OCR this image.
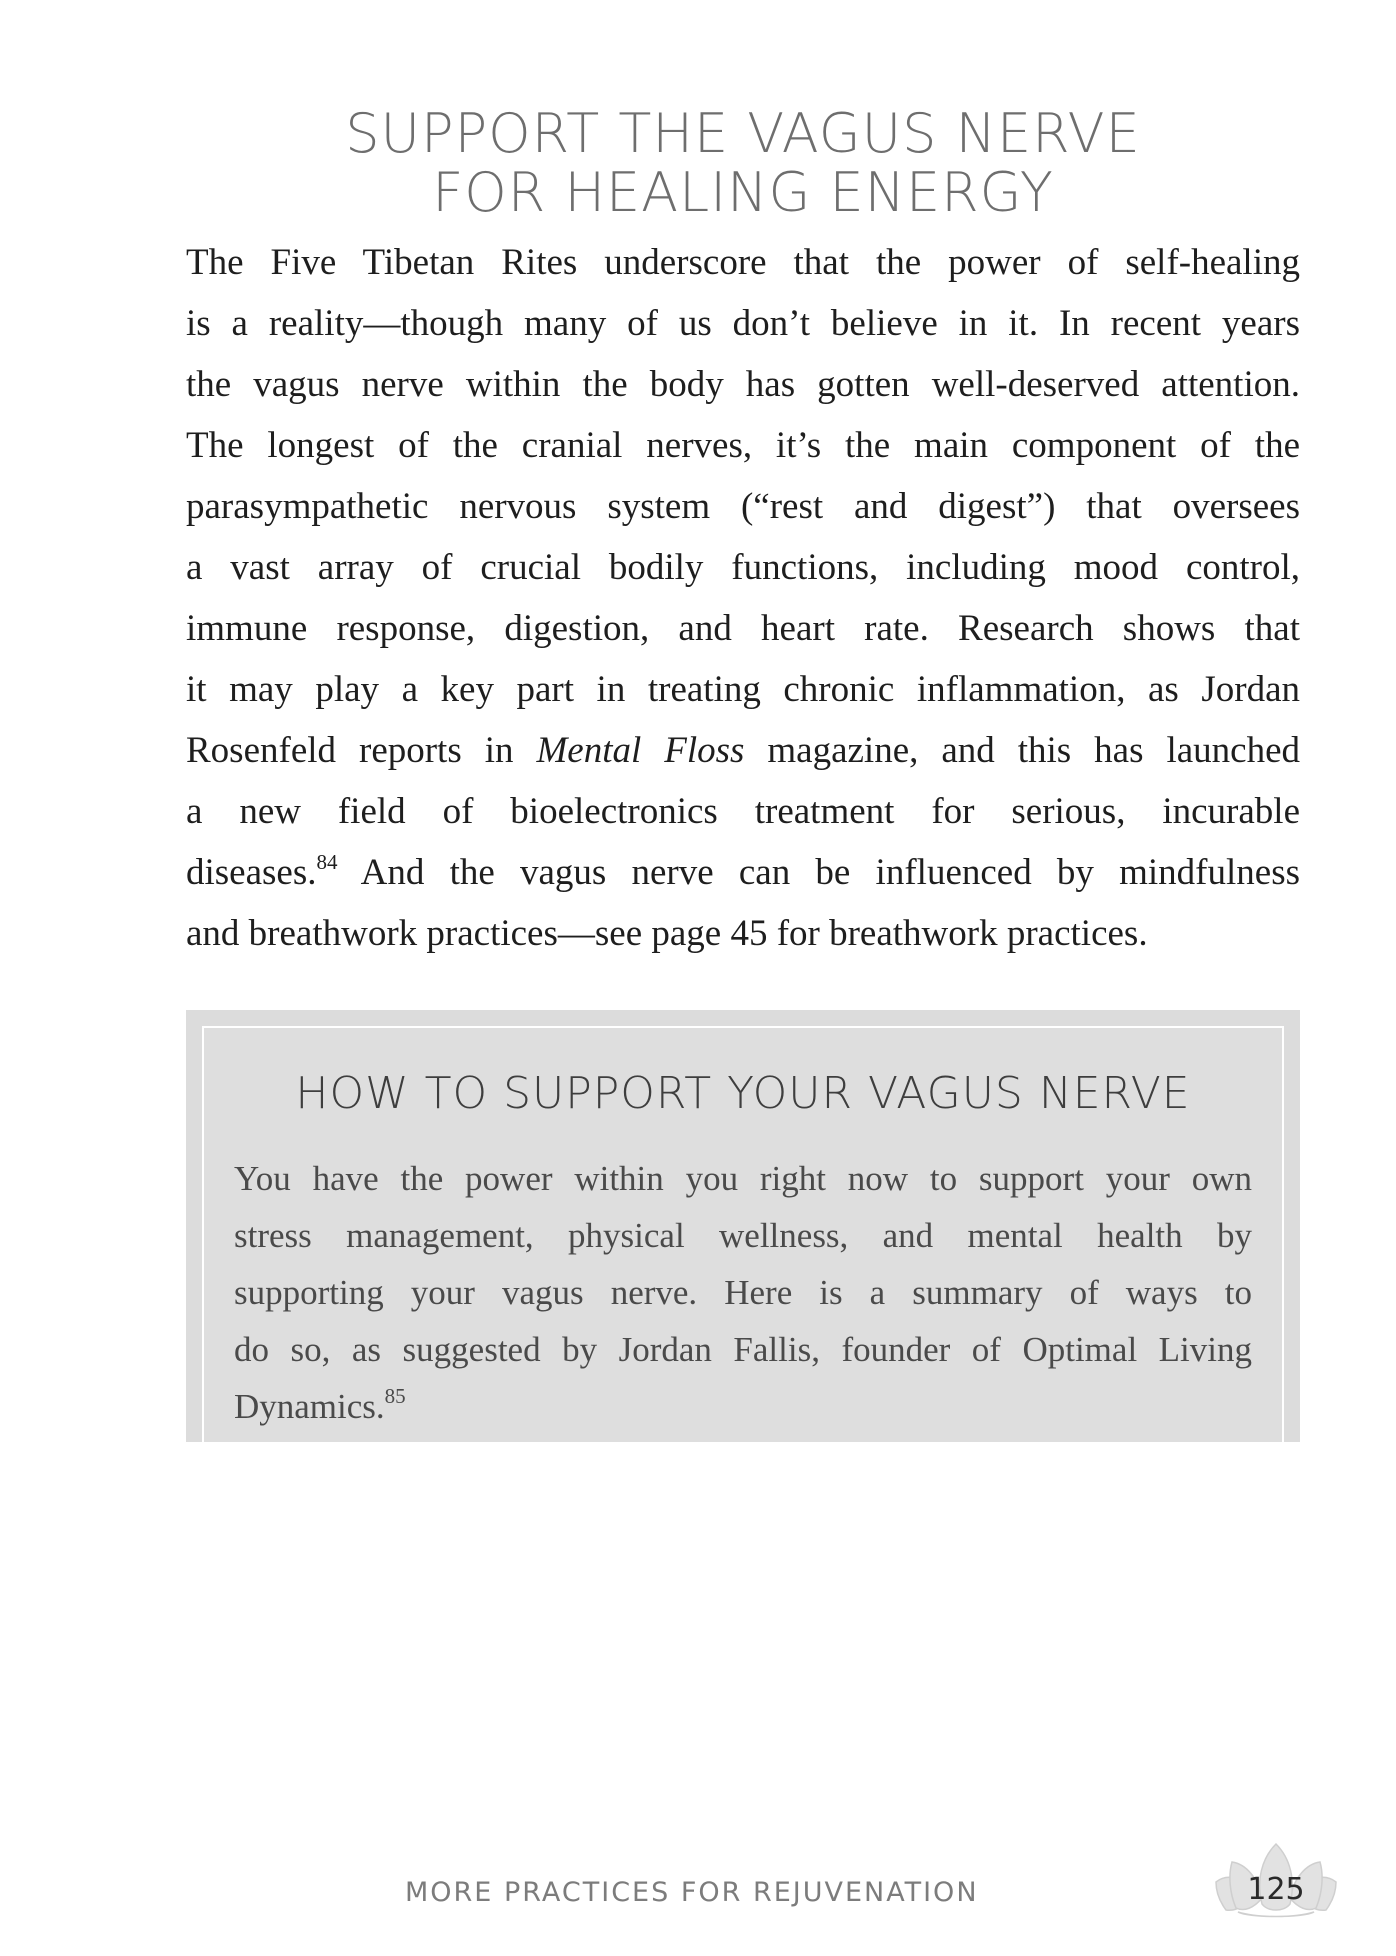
SUPPORT THE VAGUS NERVE
FOR HEALING ENERGY
The Five Tibetan Rites underscore that the power of self-healing
is a reality—though many of us don’t believe in it. In recent years
the vagus nerve within the body has gotten well-deserved attention.
The longest of the cranial nerves, it’s the main component of the
parasympathetic nervous system (“rest and digest”) that oversees
a vast array of crucial bodily functions, including mood control,
immune response, digestion, and heart rate. Research shows that
it may play a key part in treating chronic inflammation, as Jordan
Rosenfeld reports in Mental Floss magazine, and this has launched
a new field of bioelectronics treatment for serious, incurable
diseases.$^{84}$ And the vagus nerve can be influenced by mindfulness
and breathwork practices—see page 45 for breathwork practices.
HOW TO SUPPORT YOUR VAGUS NERVE
You have the power within you right now to support your own
stress management, physical wellness, and mental health by
supporting your vagus nerve. Here is a summary of ways to
do so, as suggested by Jordan Fallis, founder of Optimal Living
Dynamics.$^{85}$
MORE PRACTICES FOR REJUVENATION	125
